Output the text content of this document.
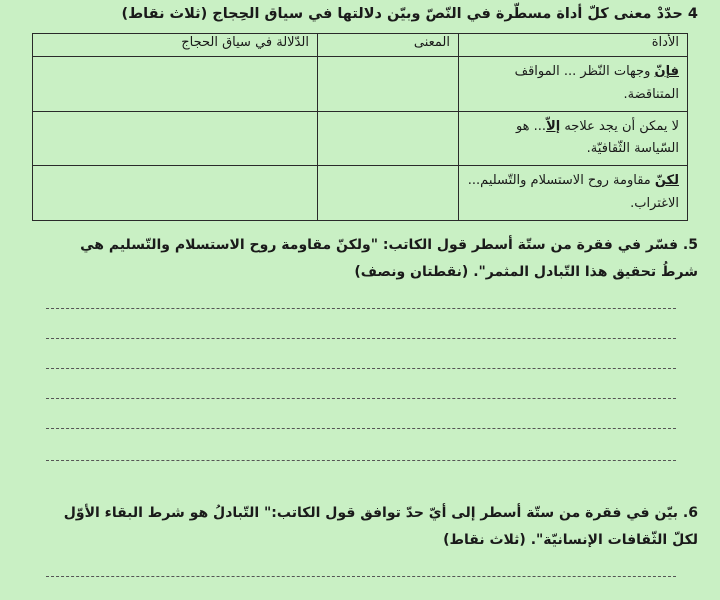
4 حدّدْ معنى كلّ أداة مسطّرة في النّصّ وبيّن دلالتها في سياق الحِجاج (ثلاث نقاط)
الأداة	المعنى	الدّلالة في سياق الحجاج
فإنّ وجهات النّظر ... المواقف المتناقضة.		
لا يمكن أن يجد علاجه إلاّ... هو السّياسة الثّقافيّة.		
لكنّ مقاومة روح الاستسلام والتّسليم... الاغتراب.		
5. فسّر في فقرة من ستّة أسطر قول الكاتب: "ولكنّ مقاومة روح الاستسلام والتّسليم هي شرطُ تحقيق هذا التّبادل المثمر". (نقطتان ونصف)
6. بيّن في فقرة من ستّة أسطر إلى أيّ حدّ توافق قول الكاتب:" التّبادلُ هو شرط البقاء الأوّل لكلّ الثّقافات الإنسانيّة". (ثلاث نقاط)
